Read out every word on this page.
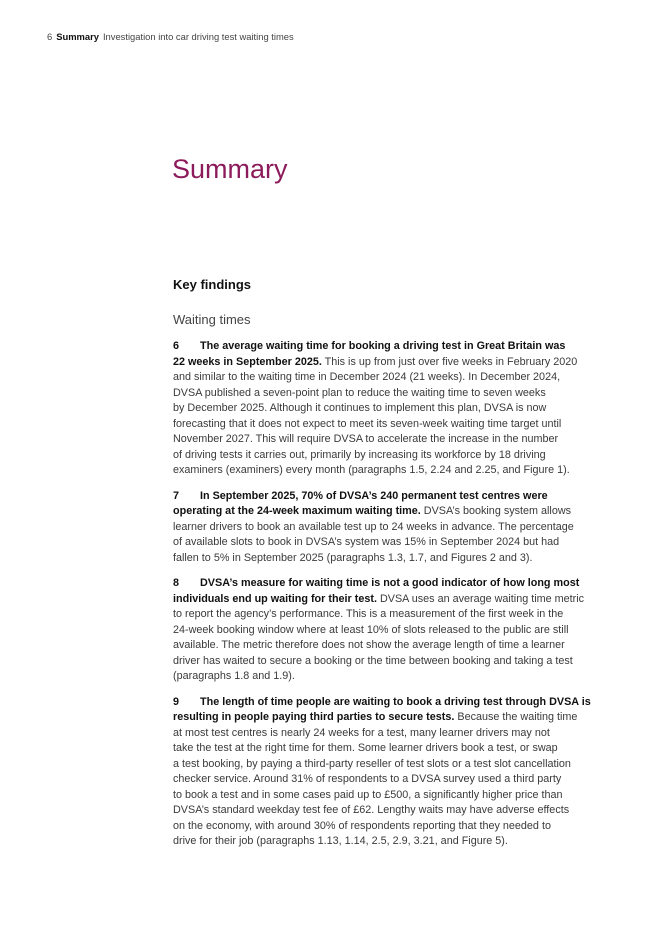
6 Summary Investigation into car driving test waiting times
Summary
Key findings
Waiting times
6 The average waiting time for booking a driving test in Great Britain was
22 weeks in September 2025. This is up from just over five weeks in February 2020
and similar to the waiting time in December 2024 (21 weeks). In December 2024,
DVSA published a seven-point plan to reduce the waiting time to seven weeks
by December 2025. Although it continues to implement this plan, DVSA is now
forecasting that it does not expect to meet its seven-week waiting time target until
November 2027. This will require DVSA to accelerate the increase in the number
of driving tests it carries out, primarily by increasing its workforce by 18 driving
examiners (examiners) every month (paragraphs 1.5, 2.24 and 2.25, and Figure 1).
7 In September 2025, 70% of DVSA’s 240 permanent test centres were
operating at the 24-week maximum waiting time. DVSA’s booking system allows
learner drivers to book an available test up to 24 weeks in advance. The percentage
of available slots to book in DVSA’s system was 15% in September 2024 but had
fallen to 5% in September 2025 (paragraphs 1.3, 1.7, and Figures 2 and 3).
8 DVSA’s measure for waiting time is not a good indicator of how long most
individuals end up waiting for their test. DVSA uses an average waiting time metric
to report the agency’s performance. This is a measurement of the first week in the
24-week booking window where at least 10% of slots released to the public are still
available. The metric therefore does not show the average length of time a learner
driver has waited to secure a booking or the time between booking and taking a test
(paragraphs 1.8 and 1.9).
9 The length of time people are waiting to book a driving test through DVSA is
resulting in people paying third parties to secure tests. Because the waiting time
at most test centres is nearly 24 weeks for a test, many learner drivers may not
take the test at the right time for them. Some learner drivers book a test, or swap
a test booking, by paying a third-party reseller of test slots or a test slot cancellation
checker service. Around 31% of respondents to a DVSA survey used a third party
to book a test and in some cases paid up to £500, a significantly higher price than
DVSA’s standard weekday test fee of £62. Lengthy waits may have adverse effects
on the economy, with around 30% of respondents reporting that they needed to
drive for their job (paragraphs 1.13, 1.14, 2.5, 2.9, 3.21, and Figure 5).
